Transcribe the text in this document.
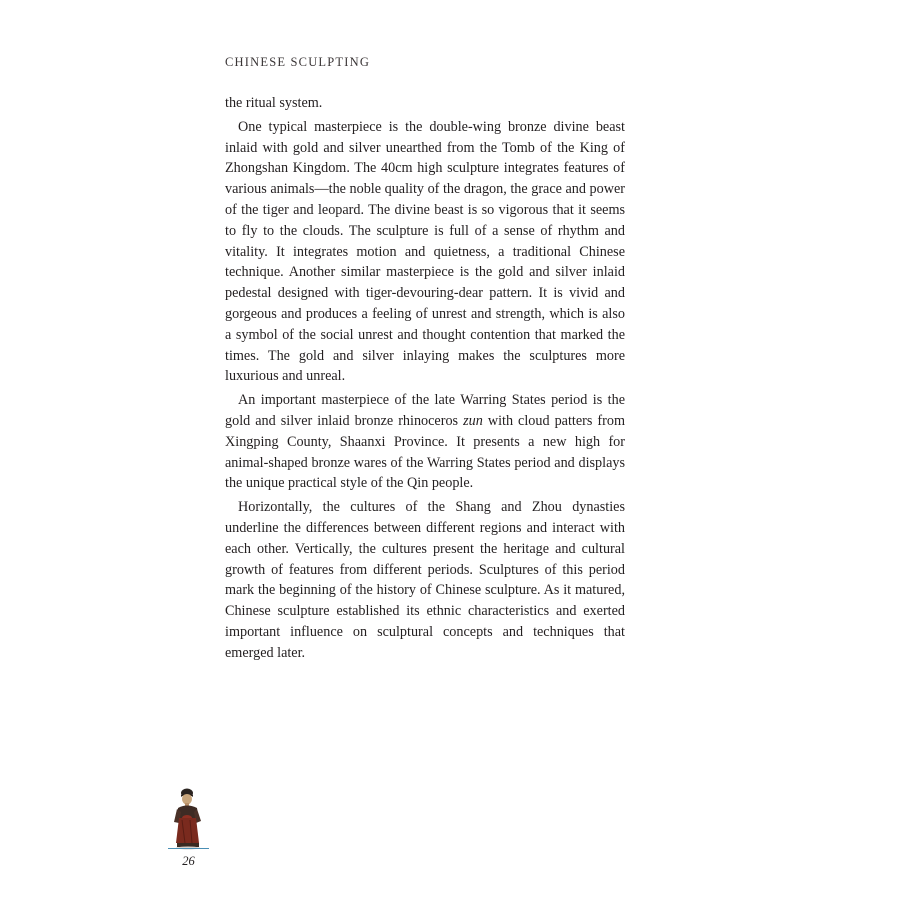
CHINESE SCULPTING

the ritual system.

One typical masterpiece is the double-wing bronze divine beast inlaid with gold and silver unearthed from the Tomb of the King of Zhongshan Kingdom. The 40cm high sculpture integrates features of various animals—the noble quality of the dragon, the grace and power of the tiger and leopard. The divine beast is so vigorous that it seems to fly to the clouds. The sculpture is full of a sense of rhythm and vitality. It integrates motion and quietness, a traditional Chinese technique. Another similar masterpiece is the gold and silver inlaid pedestal designed with tiger-devouring-dear pattern. It is vivid and gorgeous and produces a feeling of unrest and strength, which is also a symbol of the social unrest and thought contention that marked the times. The gold and silver inlaying makes the sculptures more luxurious and unreal.

An important masterpiece of the late Warring States period is the gold and silver inlaid bronze rhinoceros zun with cloud patters from Xingping County, Shaanxi Province. It presents a new high for animal-shaped bronze wares of the Warring States period and displays the unique practical style of the Qin people.

Horizontally, the cultures of the Shang and Zhou dynasties underline the differences between different regions and interact with each other. Vertically, the cultures present the heritage and cultural growth of features from different periods. Sculptures of this period mark the beginning of the history of Chinese sculpture. As it matured, Chinese sculpture established its ethnic characteristics and exerted important influence on sculptural concepts and techniques that emerged later.

26
